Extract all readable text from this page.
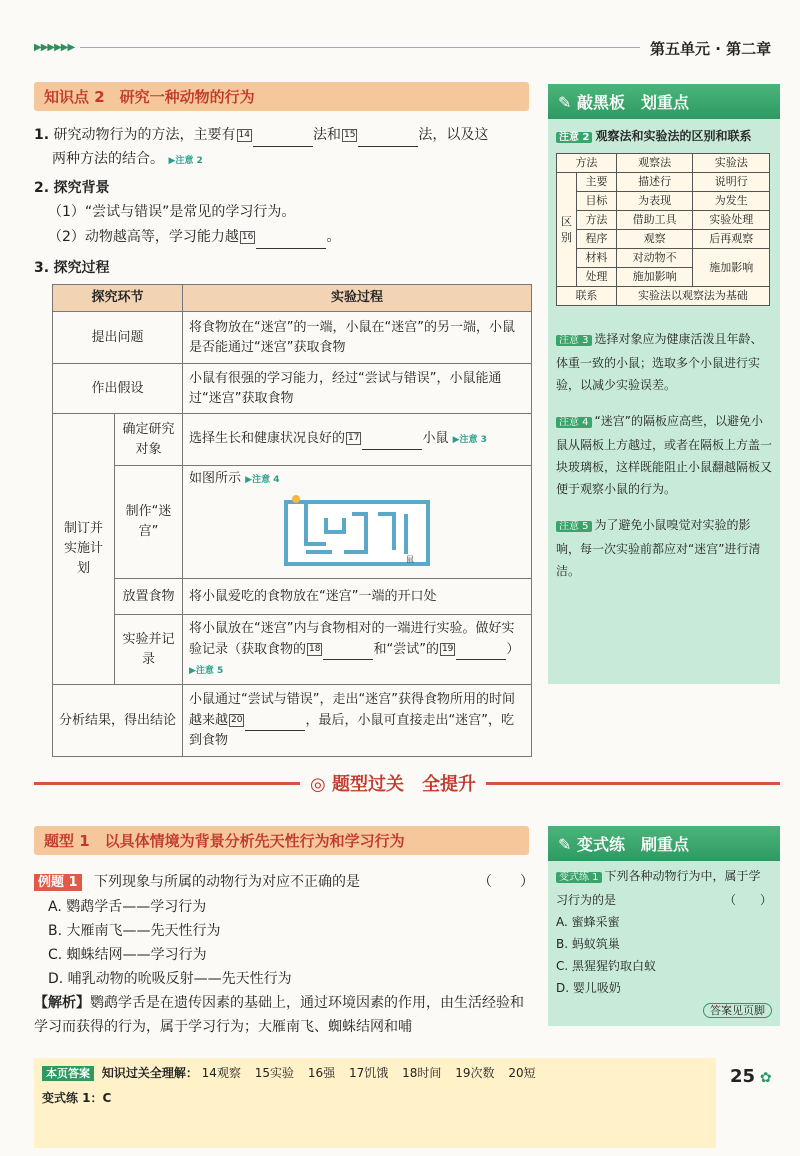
▶▶▶▶▶▶	第五单元 · 第二章
知识点 2　研究一种动物的行为
1. 研究动物行为的方法，主要有 14	法和 15	法，以及这
两种方法的结合。 ▶注意 2
2. 探究背景
（1）“尝试与错误”是常见的学习行为。
（2）动物越高等，学习能力越 16	。
3. 探究过程
探究环节		实验过程
提出问题		将食物放在“迷宫”的一端，小鼠在“迷宫”的另一端，小鼠是否能通过“迷宫”获取食物
作出假设		小鼠有很强的学习能力，经过“尝试与错误”，小鼠能通过“迷宫”获取食物
制订并实施计划	确定研究对象	选择生长和健康状况良好的 17 小鼠 ▶注意 3
	制作“迷宫”	如图所示 ▶注意 4
鼠

	放置食物	将小鼠爱吃的食物放在“迷宫”一端的开口处
	实验并记录	将小鼠放在“迷宫”内与食物相对的一端进行实验。做好实验记录（获取食物的 18 和“尝试”的 19 ） ▶注意 5
分析结果，得出结论		小鼠通过“尝试与错误”，走出“迷宫”获得食物所用的时间越来越 20 ，最后，小鼠可直接走出“迷宫”，吃到食物
✎ 敲黑板　划重点
注意 2 观察法和实验法的区别和联系
方法		观察法	实验法
区别	主要	描述行	说明行
	目标	为表现	为发生
	方法	借助工具	实验处理
	程序	观察	后再观察
	材料	对动物不	施加影响
	处理	施加影响	
联系		实验法以观察法为基础	
注意 3 选择对象应为健康活泼且年龄、体重一致的小鼠；选取多个小鼠进行实验，以减少实验误差。
注意 4 “迷宫”的隔板应高些，以避免小鼠从隔板上方越过，或者在隔板上方盖一块玻璃板，这样既能阻止小鼠翻越隔板又便于观察小鼠的行为。
注意 5 为了避免小鼠嗅觉对实验的影响，每一次实验前都应对“迷宫”进行清洁。
◎ 题型过关　全提升
题型 1　以具体情境为背景分析先天性行为和学习行为
例题 1 下列现象与所属的动物行为对应不正确的是	（　　）
A. 鹦鹉学舌——学习行为
B. 大雁南飞——先天性行为
C. 蜘蛛结网——学习行为
D. 哺乳动物的吮吸反射——先天性行为
【解析】鹦鹉学舌是在遗传因素的基础上，通过环境因素的作用，由生活经验和学习而获得的行为，属于学习行为；大雁南飞、蜘蛛结网和哺
✎ 变式练　刷重点
变式练 1 下列各种动物行为中，属于学习行为的是	（　　）
A. 蜜蜂采蜜
B. 蚂蚁筑巢
C. 黑猩猩钓取白蚁
D. 婴儿吸奶
答案见页脚
本页答案 知识过关全理解： 14观察 15实验 16强 17饥饿 18时间 19次数 20短
变式练 1：C
25 ✿
